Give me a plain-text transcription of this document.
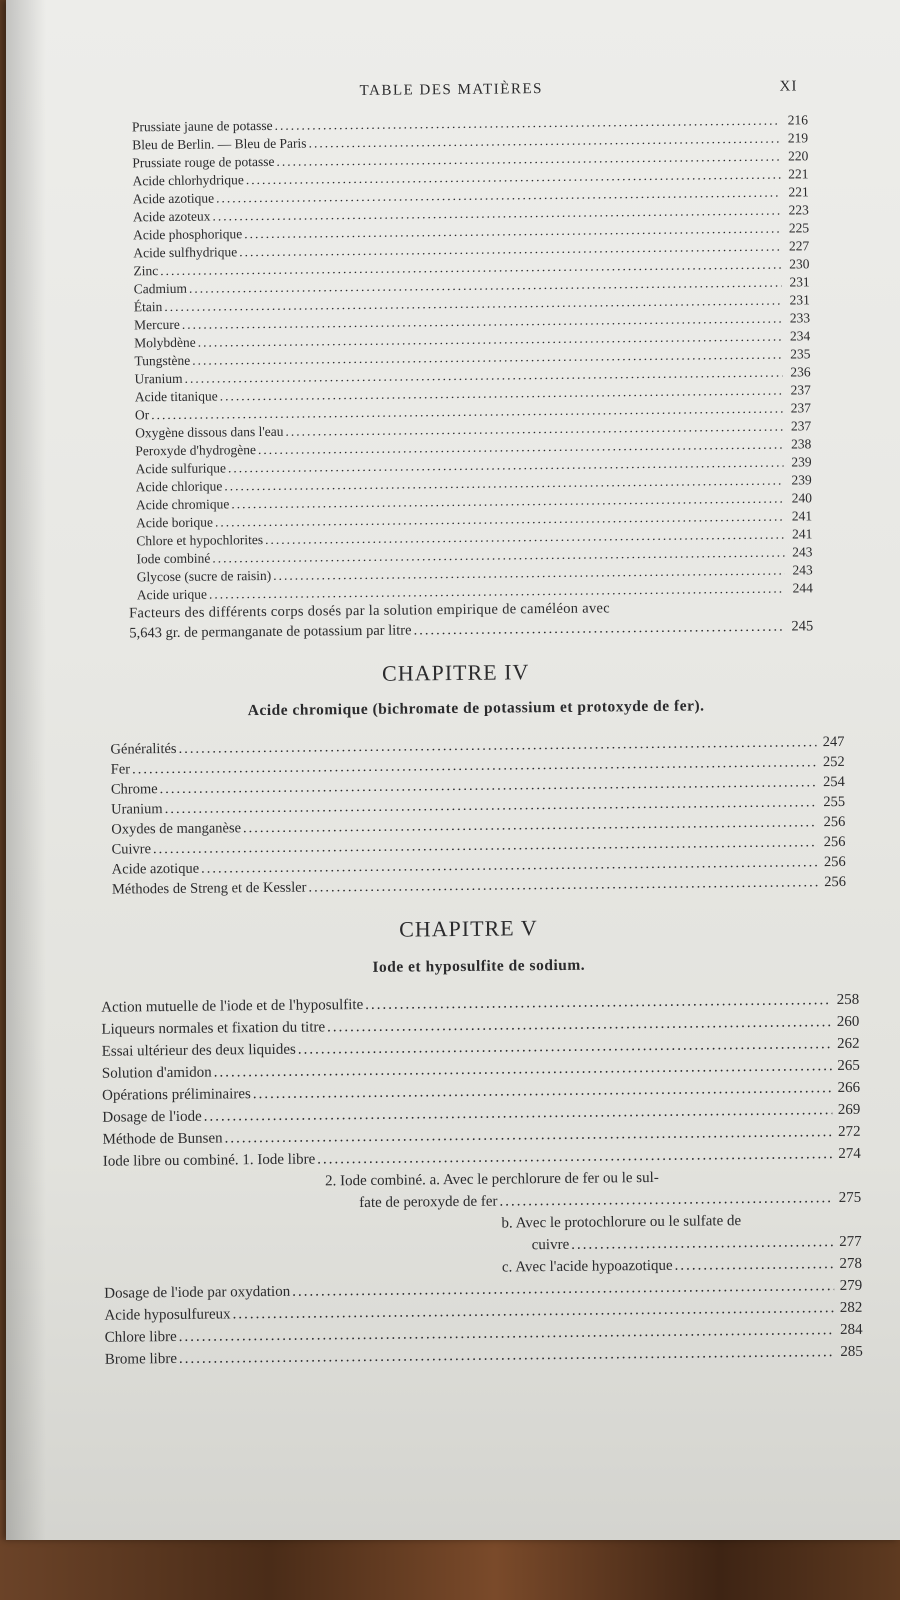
TABLE DES MATIÈRES	XI
Prussiate jaune de potasse .....	216
Bleu de Berlin. — Bleu de Paris .....	219
Prussiate rouge de potasse .....	220
Acide chlorhydrique .....	221
Acide azotique .....	221
Acide azoteux .....	223
Acide phosphorique .....	225
Acide sulfhydrique .....	227
Zinc .....	230
Cadmium .....	231
Étain .....	231
Mercure .....	233
Molybdène .....	234
Tungstène .....	235
Uranium .....	236
Acide titanique .....	237
Or .....	237
Oxygène dissous dans l'eau .....	237
Peroxyde d'hydrogène .....	238
Acide sulfurique .....	239
Acide chlorique .....	239
Acide chromique .....	240
Acide borique .....	241
Chlore et hypochlorites .....	241
Iode combiné .....	243
Glycose (sucre de raisin) .....	243
Acide urique .....	244
Facteurs des différents corps dosés par la solution empirique de caméléon avec
5,643 gr. de permanganate de potassium par litre .....	245
CHAPITRE IV
Acide chromique (bichromate de potassium et protoxyde de fer).
Généralités .....	247
Fer .....	252
Chrome .....	254
Uranium .....	255
Oxydes de manganèse .....	256
Cuivre .....	256
Acide azotique .....	256
Méthodes de Streng et de Kessler .....	256
CHAPITRE V
Iode et hyposulfite de sodium.
Action mutuelle de l'iode et de l'hyposulfite .....	258
Liqueurs normales et fixation du titre .....	260
Essai ultérieur des deux liquides .....	262
Solution d'amidon .....	265
Opérations préliminaires .....	266
Dosage de l'iode .....	269
Méthode de Bunsen .....	272
Iode libre ou combiné. 1. Iode libre .....	274
2. Iode combiné. a. Avec le perchlorure de fer ou le sul-
fate de peroxyde de fer .....	275
b. Avec le protochlorure ou le sulfate de
cuivre .....	277
c. Avec l'acide hypoazotique .....	278
Dosage de l'iode par oxydation .....	279
Acide hyposulfureux .....	282
Chlore libre .....	284
Brome libre .....	285
